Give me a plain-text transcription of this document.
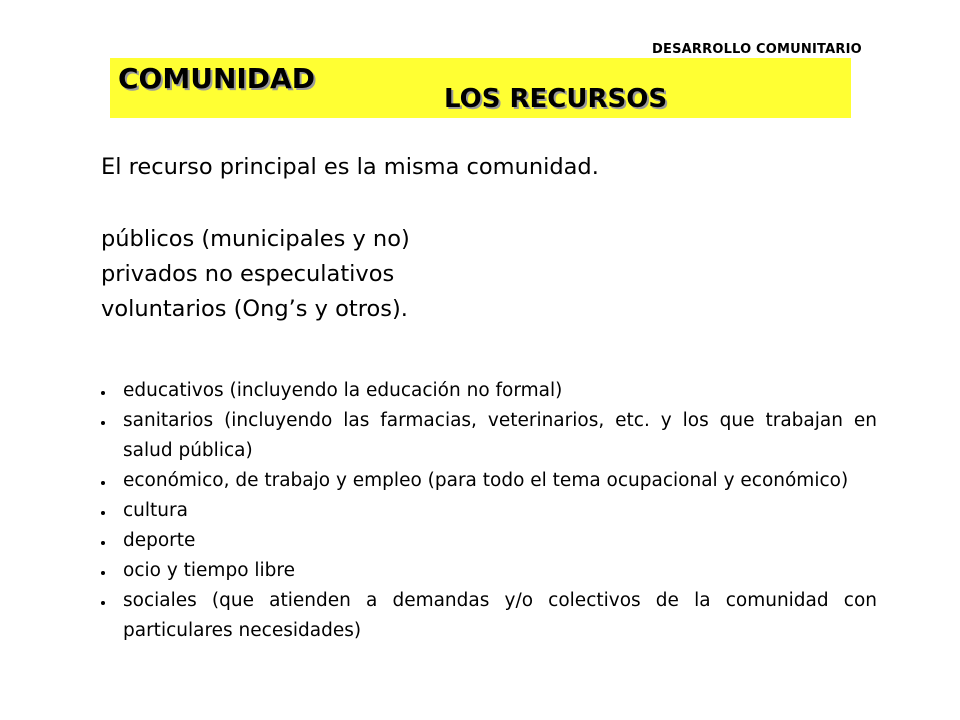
DESARROLLO COMUNITARIO
COMUNIDAD
LOS RECURSOS
El recurso principal es la misma comunidad.
públicos (municipales y no)
privados no especulativos
voluntarios (Ong’s y otros).
educativos (incluyendo la educación no formal)
sanitarios (incluyendo las farmacias, veterinarios, etc. y los que trabajan en salud pública)
económico, de trabajo y empleo (para todo el tema ocupacional y económico)
cultura
deporte
ocio y tiempo libre
sociales (que atienden a demandas y/o colectivos de la comunidad con particulares necesidades)
